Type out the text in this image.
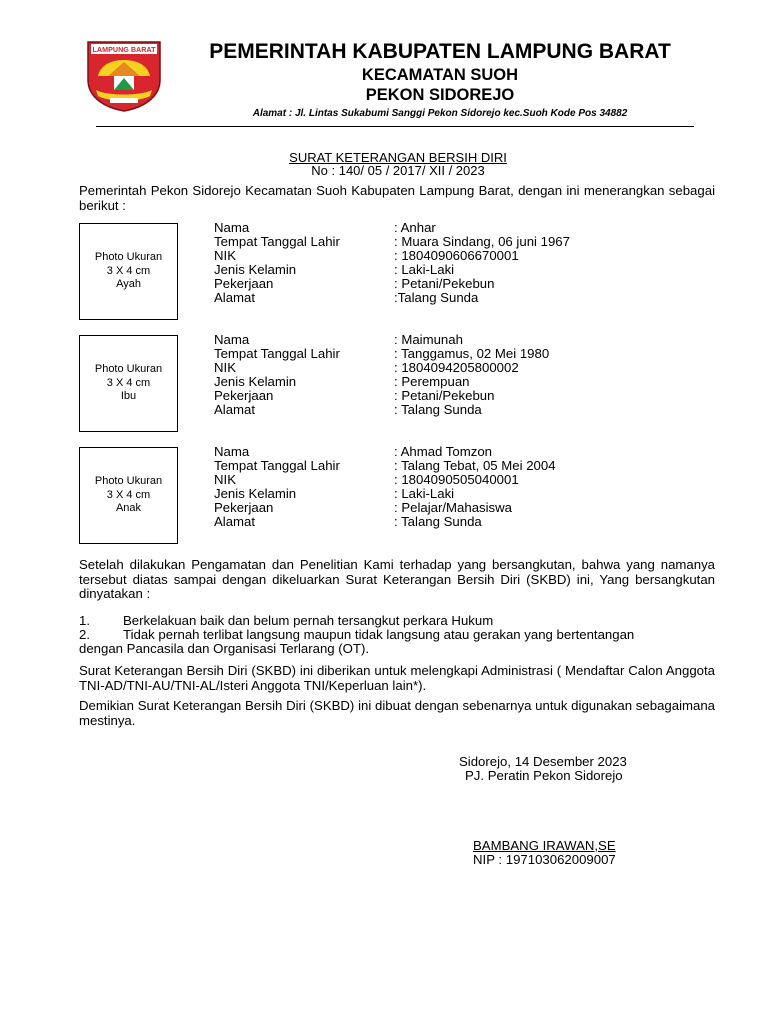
LAMPUNG BARAT	PEMERINTAH KABUPATEN LAMPUNG BARAT
KECAMATAN SUOH
PEKON SIDOREJO
Alamat : Jl. Lintas Sukabumi Sanggi Pekon Sidorejo kec.Suoh Kode Pos 34882
SURAT KETERANGAN BERSIH DIRI
No : 140/ 05 / 2017/ XII / 2023
Pemerintah Pekon Sidorejo Kecamatan Suoh Kabupaten Lampung Barat, dengan ini menerangkan sebagai berikut :
Photo Ukuran
3 X 4 cm
Ayah
Nama	: Anhar
Tempat Tanggal Lahir	: Muara Sindang, 06 juni 1967
NIK	: 1804090606670001
Jenis Kelamin	: Laki-Laki
Pekerjaan	: Petani/Pekebun
Alamat	:Talang Sunda
Photo Ukuran
3 X 4 cm
Ibu
Nama	: Maimunah
Tempat Tanggal Lahir	: Tanggamus, 02 Mei 1980
NIK	: 1804094205800002
Jenis Kelamin	: Perempuan
Pekerjaan	: Petani/Pekebun
Alamat	: Talang Sunda
Photo Ukuran
3 X 4 cm
Anak
Nama	: Ahmad Tomzon
Tempat Tanggal Lahir	: Talang Tebat, 05 Mei 2004
NIK	: 1804090505040001
Jenis Kelamin	: Laki-Laki
Pekerjaan	: Pelajar/Mahasiswa
Alamat	: Talang Sunda
Setelah dilakukan Pengamatan dan Penelitian Kami terhadap yang bersangkutan, bahwa yang namanya tersebut diatas sampai dengan dikeluarkan Surat Keterangan Bersih Diri (SKBD) ini, Yang bersangkutan dinyatakan :
1.	Berkelakuan baik dan belum pernah tersangkut perkara Hukum
2.	Tidak pernah terlibat langsung maupun tidak langsung atau gerakan yang bertentangan
dengan Pancasila dan Organisasi Terlarang (OT).
Surat Keterangan Bersih Diri (SKBD) ini diberikan untuk melengkapi Administrasi ( Mendaftar Calon Anggota TNI-AD/TNI-AU/TNI-AL/Isteri Anggota TNI/Keperluan lain*).
Demikian Surat Keterangan Bersih Diri (SKBD) ini dibuat dengan sebenarnya untuk digunakan sebagaimana mestinya.
Sidorejo, 14 Desember 2023
PJ. Peratin Pekon Sidorejo
BAMBANG IRAWAN,SE
NIP : 197103062009007
